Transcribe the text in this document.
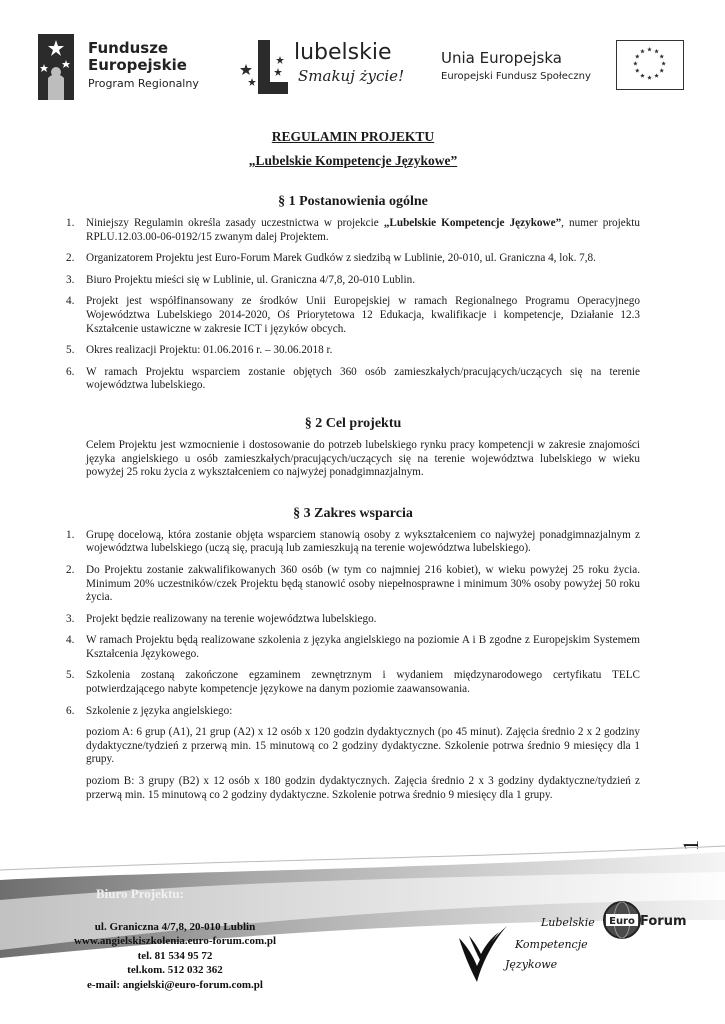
Fundusze
Europejskie
Program Regionalny
lubelskie
Smakuj życie!
Unia Europejska
Europejski Fundusz Społeczny
REGULAMIN PROJEKTU
„Lubelskie Kompetencje Językowe”
§ 1 Postanowienia ogólne
1. Niniejszy Regulamin określa zasady uczestnictwa w projekcie „Lubelskie Kompetencje Językowe”, numer projektu RPLU.12.03.00-06-0192/15 zwanym dalej Projektem.
2. Organizatorem Projektu jest Euro-Forum Marek Gudków z siedzibą w Lublinie, 20-010, ul. Graniczna 4, lok. 7,8.
3. Biuro Projektu mieści się w Lublinie, ul. Graniczna 4/7,8, 20-010 Lublin.
4. Projekt jest współfinansowany ze środków Unii Europejskiej w ramach Regionalnego Programu Operacyjnego Województwa Lubelskiego 2014-2020, Oś Priorytetowa 12 Edukacja, kwalifikacje i kompetencje, Działanie 12.3 Kształcenie ustawiczne w zakresie ICT i języków obcych.
5. Okres realizacji Projektu: 01.06.2016 r. – 30.06.2018 r.
6. W ramach Projektu wsparciem zostanie objętych 360 osób zamieszkałych/pracujących/uczących się na terenie województwa lubelskiego.
§ 2 Cel projektu

Celem Projektu jest wzmocnienie i dostosowanie do potrzeb lubelskiego rynku pracy kompetencji w zakresie znajomości języka angielskiego u osób zamieszkałych/pracujących/uczących się na terenie województwa lubelskiego w wieku powyżej 25 roku życia z wykształceniem co najwyżej ponadgimnazjalnym.

§ 3 Zakres wsparcia
1. Grupę docelową, która zostanie objęta wsparciem stanowią osoby z wykształceniem co najwyżej ponadgimnazjalnym z województwa lubelskiego (uczą się, pracują lub zamieszkują na terenie województwa lubelskiego).
2. Do Projektu zostanie zakwalifikowanych 360 osób (w tym co najmniej 216 kobiet), w wieku powyżej 25 roku życia. Minimum 20% uczestników/czek Projektu będą stanowić osoby niepełnosprawne i minimum 30% osoby powyżej 50 roku życia.
3. Projekt będzie realizowany na terenie województwa lubelskiego.
4. W ramach Projektu będą realizowane szkolenia z języka angielskiego na poziomie A i B zgodne z Europejskim Systemem Kształcenia Językowego.
5. Szkolenia zostaną zakończone egzaminem zewnętrznym i wydaniem międzynarodowego certyfikatu TELC potwierdzającego nabyte kompetencje językowe na danym poziomie zaawansowania.
6. Szkolenie z języka angielskiego:

poziom A: 6 grup (A1), 21 grup (A2) x 12 osób x 120 godzin dydaktycznych (po 45 minut). Zajęcia średnio 2 x 2 godziny dydaktyczne/tydzień z przerwą min. 15 minutową co 2 godziny dydaktyczne. Szkolenie potrwa średnio 9 miesięcy dla 1 grupy.

poziom B: 3 grupy (B2) x 12 osób x 180 godzin dydaktycznych. Zajęcia średnio 2 x 3 godziny dydaktyczne/tydzień z przerwą min. 15 minutową co 2 godziny dydaktyczne. Szkolenie potrwa średnio 9 miesięcy dla 1 grupy.

1
Biuro Projektu:
ul. Graniczna 4/7,8, 20-010 Lublin
www.angielskiszkolenia.euro-forum.com.pl
tel. 81 534 95 72
tel.kom. 512 032 362
e-mail: angielski@euro-forum.com.pl
Lubelskie
Kompetencje
Językowe
Euro Forum
